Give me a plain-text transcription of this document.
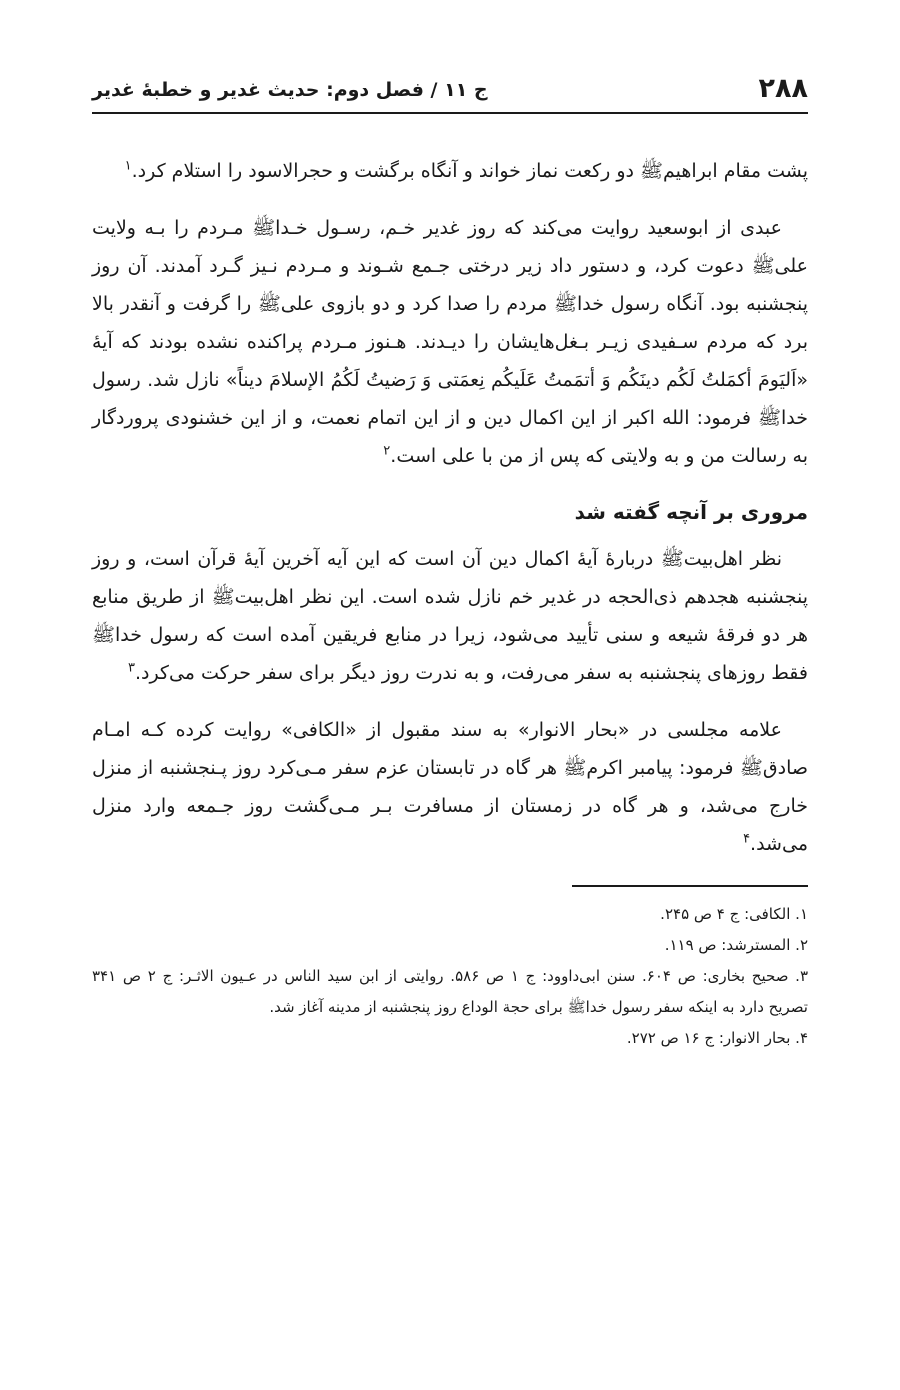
۲۸۸
ج ۱۱ / فصل دوم: حدیث غدیر و خطبهٔ غدیر

پشت مقام ابراهیمﷺ دو رکعت نماز خواند و آنگاه برگشت و حجرالاسود را استلام کرد.$^۱$

عبدی از ابوسعید روایت می‌کند که روز غدیر خـم، رسـول خـداﷺ مـردم را بـه ولایت علیﷺ دعوت کرد، و دستور داد زیر درختی جـمع شـوند و مـردم نـیز گـرد آمدند. آن روز پنجشنبه بود. آنگاه رسول خداﷺ مردم را صدا کرد و دو بازوی علیﷺ را گرفت و آنقدر بالا برد که مردم سـفیدی زیـر بـغل‌هایشان را دیـدند. هـنوز مـردم پراکنده نشده بودند که آیهٔ «اَلیَومَ أکمَلتُ لَکُم دینَکُم وَ أتمَمتُ عَلَیکُم نِعمَتی وَ رَضیتُ لَکُمُ الإسلامَ دیناً» نازل شد. رسول خداﷺ فرمود: الله اکبر از این اکمال دین و از این اتمام نعمت، و از این خشنودی پروردگار به رسالت من و به ولایتی که پس از من با علی است.$^۲$

مروری بر آنچه گفته شد

نظر اهل‌بیتﷺ دربارهٔ آیهٔ اکمال دین آن است که این آیه آخرین آیهٔ قرآن است، و روز پنجشنبه هجدهم ذی‌الحجه در غدیر خم نازل شده است. این نظر اهل‌بیتﷺ از طریق منابع هر دو فرقهٔ شیعه و سنی تأیید می‌شود، زیرا در منابع فریقین آمده است که رسول خداﷺ فقط روزهای پنجشنبه به سفر می‌رفت، و به ندرت روز دیگر برای سفر حرکت می‌کرد.$^۳$

علامه مجلسی در «بحار الانوار» به سند مقبول از «الکافی» روایت کرده کـه امـام صادقﷺ فرمود: پیامبر اکرمﷺ هر گاه در تابستان عزم سفر مـی‌کرد روز پـنجشنبه از منزل خارج می‌شد، و هر گاه در زمستان از مسافرت بـر مـی‌گشت روز جـمعه وارد منزل می‌شد.$^۴$

۱. الکافی: ج ۴ ص ۲۴۵.

۲. المسترشد: ص ۱۱۹.

۳. صحیح بخاری: ص ۶۰۴. سنن ابی‌داوود: ج ۱ ص ۵۸۶. روایتی از ابن سید الناس در عـیون الاثـر: ج ۲ ص ۳۴۱ تصریح دارد به اینکه سفر رسول خداﷺ برای حجة الوداع روز پنجشنبه از مدینه آغاز شد.

۴. بحار الانوار: ج ۱۶ ص ۲۷۲.
